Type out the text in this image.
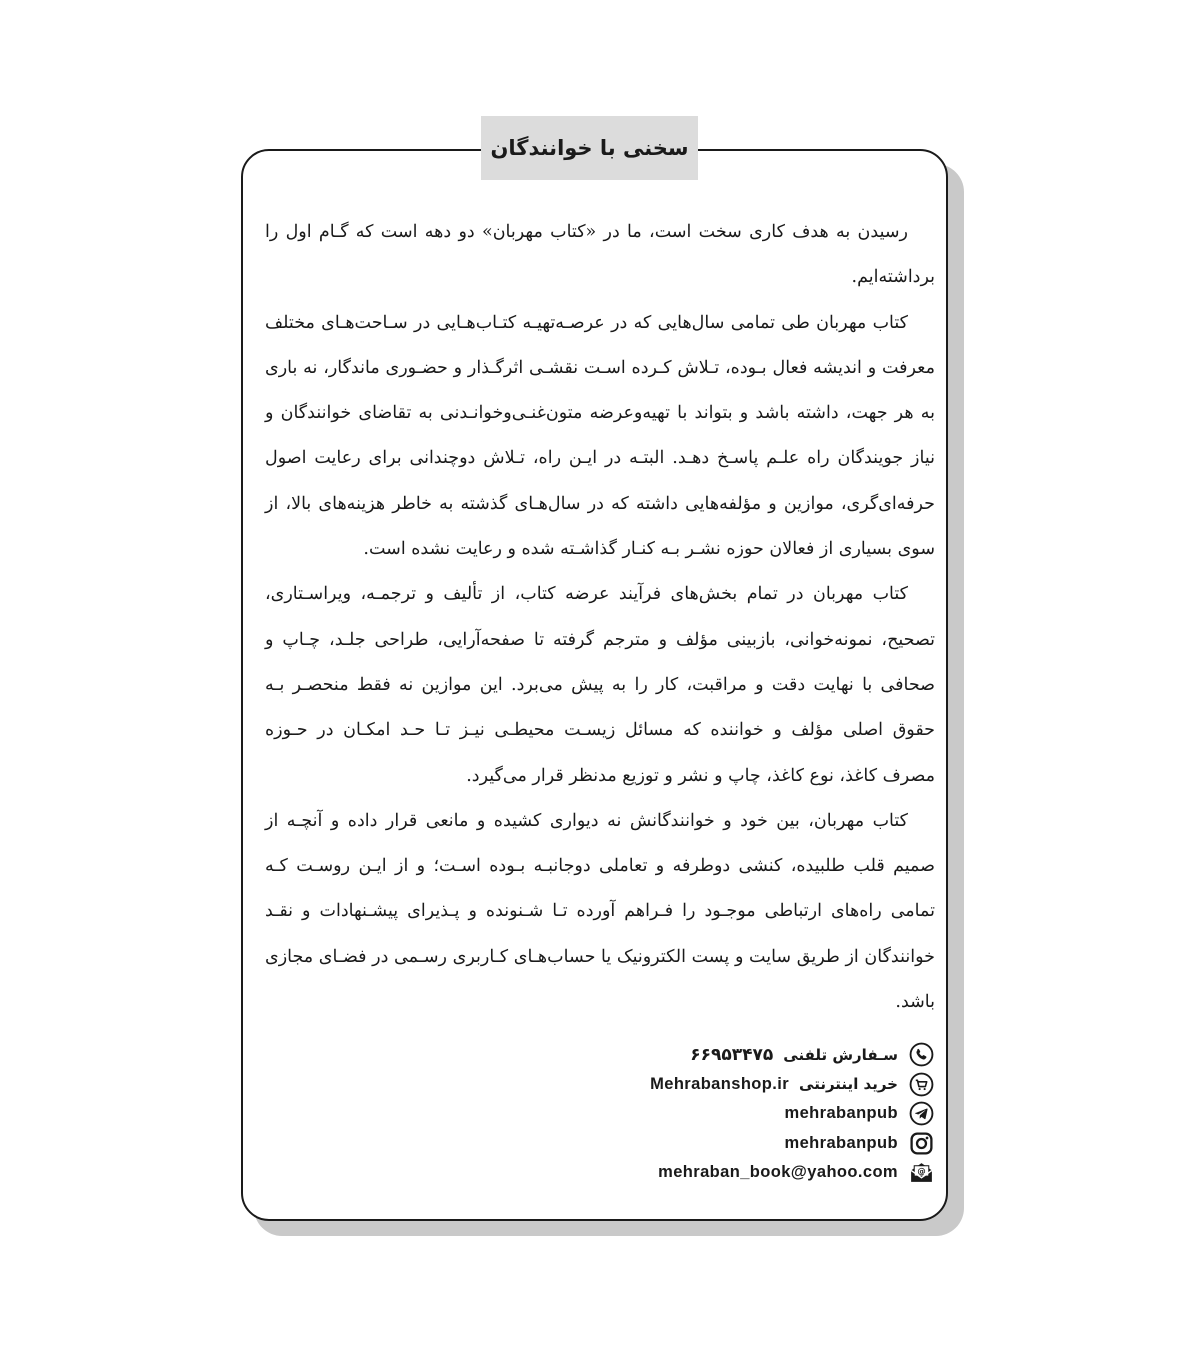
سخنی با خوانندگان

رسیدن به هدف کاری سخت است، ما در «کتاب مهربان» دو دهه است که گـام اول را برداشته‌ایم.

کتاب مهربان طی تمامی سال‌هایی که در عرصـه‌تهیـه کتـاب‌هـایی در سـاحت‌هـای مختلف معرفت و اندیشه فعال بـوده، تـلاش کـرده اسـت نقشـی اثرگـذار و حضـوری ماندگار، نه باری به هر جهت، داشته باشد و بتواند با تهیه‌وعرضه متون‌غنـی‌وخوانـدنی به تقاضای خوانندگان و نیاز جویندگان راه علـم پاسـخ دهـد. البتـه در ایـن راه، تـلاش دوچندانی برای رعایت اصول حرفه‌ای‌گری، موازین و مؤلفه‌هایی داشته که در سال‌هـای گذشته به خاطر هزینه‌های بالا، از سوی بسیاری از فعالان حوزه نشـر بـه کنـار گذاشـته شده و رعایت نشده است.

کتاب مهربان در تمام بخش‌های فرآیند عرضه کتاب، از تألیف و ترجمـه، ویراسـتاری، تصحیح، نمونه‌خوانی، بازبینی مؤلف و مترجم گرفته تا صفحه‌آرایی، طراحی جلـد، چـاپ و صحافی با نهایت دقت و مراقبت، کار را به پیش می‌برد. این موازین نه فقط منحصـر بـه حقوق اصلی مؤلف و خواننده که مسائل زیسـت محیطـی نیـز تـا حـد امکـان در حـوزه مصرف کاغذ، نوع کاغذ، چاپ و نشر و توزیع مدنظر قرار می‌گیرد.

کتاب مهربان، بین خود و خوانندگانش نه دیواری کشیده و مانعی قرار داده و آنچـه از صمیم قلب طلبیده، کنشی دوطرفه و تعاملی دوجانبـه بـوده اسـت؛ و از ایـن روسـت کـه تمامی راه‌های ارتباطی موجـود را فـراهم آورده تـا شـنونده و پـذیرای پیشـنهادات و نقـد خوانندگان از طریق سایت و پست الکترونیک یا حساب‌هـای کـاربری رسـمی در فضـای مجازی باشد.

سـفارش تلفنی
۶۶۹۵۳۴۷۵
خرید اینترنتی
Mehrabanshop.ir
mehrabanpub
mehrabanpub
@
mehraban_book@yahoo.com
